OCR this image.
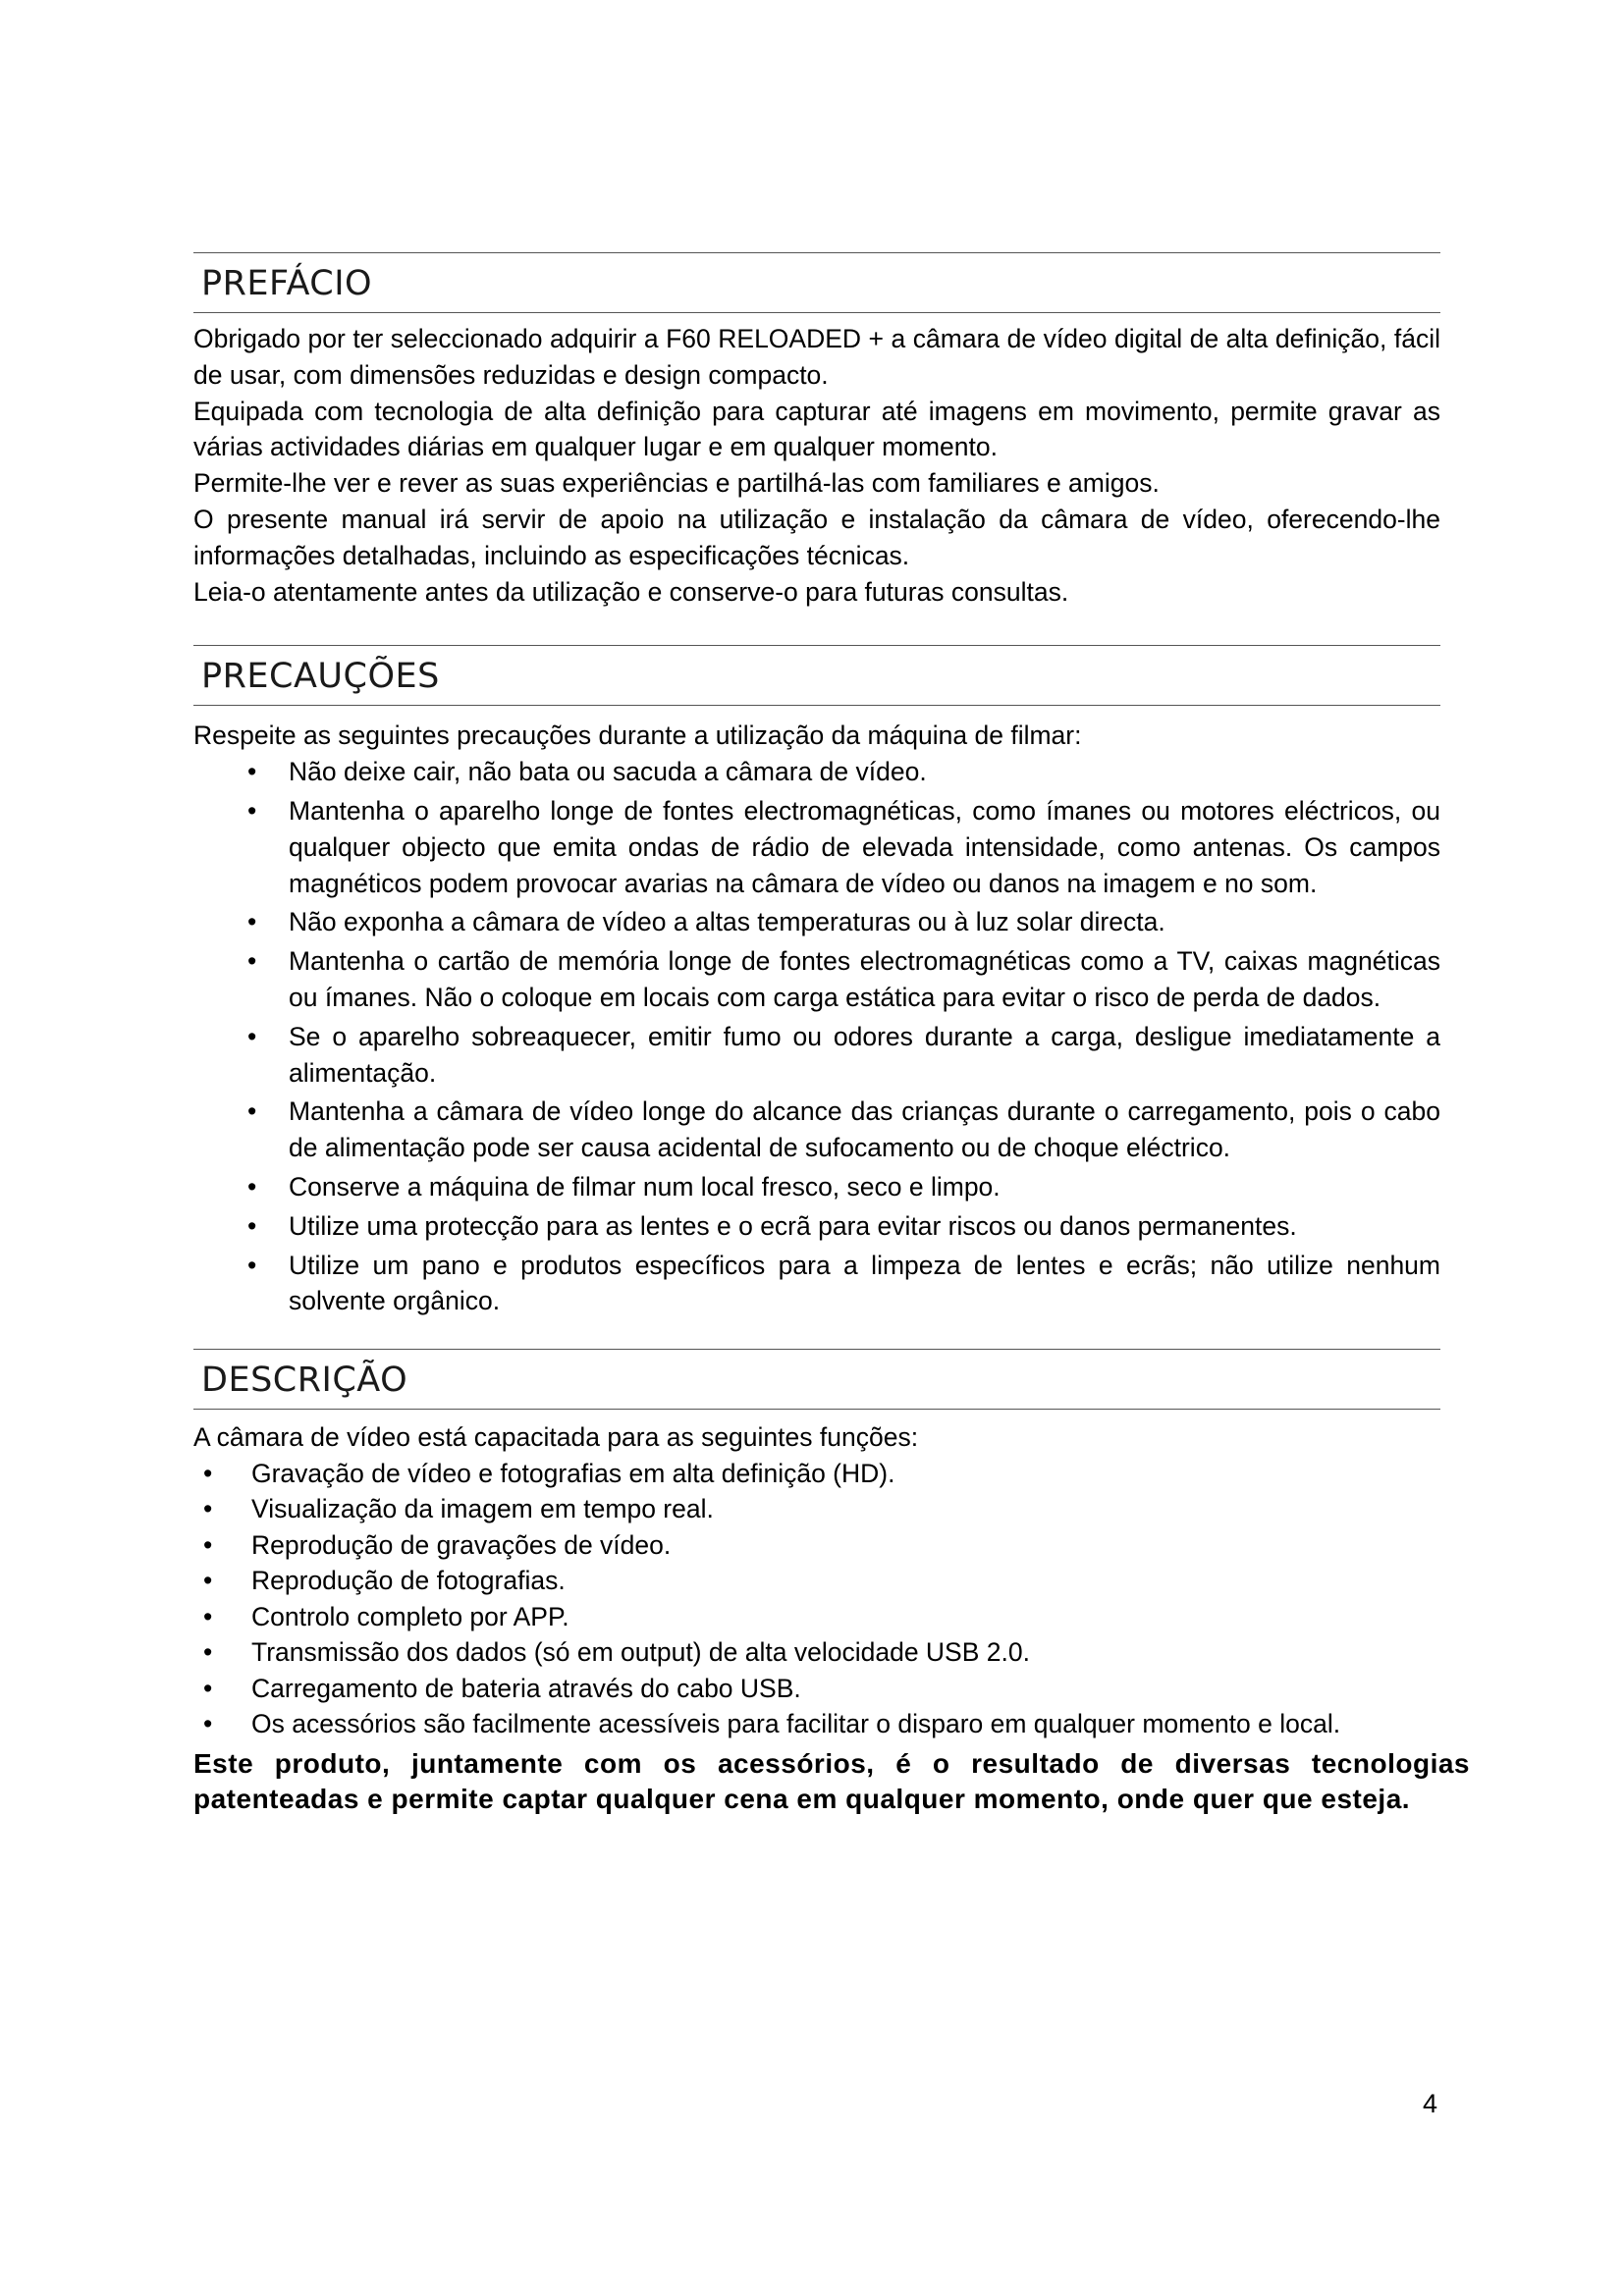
PREFÁCIO

Obrigado por ter seleccionado adquirir a F60 RELOADED + a câmara de vídeo digital de alta definição, fácil de usar, com dimensões reduzidas e design compacto.

Equipada com tecnologia de alta definição para capturar até imagens em movimento, permite gravar as várias actividades diárias em qualquer lugar e em qualquer momento.

Permite-lhe ver e rever as suas experiências e partilhá-las com familiares e amigos.

O presente manual irá servir de apoio na utilização e instalação da câmara de vídeo, oferecendo-lhe informações detalhadas, incluindo as especificações técnicas.

Leia-o atentamente antes da utilização e conserve-o para futuras consultas.

PRECAUÇÕES

Respeite as seguintes precauções durante a utilização da máquina de filmar:

• Não deixe cair, não bata ou sacuda a câmara de vídeo.
• Mantenha o aparelho longe de fontes electromagnéticas, como ímanes ou motores eléctricos, ou qualquer objecto que emita ondas de rádio de elevada intensidade, como antenas. Os campos magnéticos podem provocar avarias na câmara de vídeo ou danos na imagem e no som.
• Não exponha a câmara de vídeo a altas temperaturas ou à luz solar directa.
• Mantenha o cartão de memória longe de fontes electromagnéticas como a TV, caixas magnéticas ou ímanes. Não o coloque em locais com carga estática para evitar o risco de perda de dados.
• Se o aparelho sobreaquecer, emitir fumo ou odores durante a carga, desligue imediatamente a alimentação.
• Mantenha a câmara de vídeo longe do alcance das crianças durante o carregamento, pois o cabo de alimentação pode ser causa acidental de sufocamento ou de choque eléctrico.
• Conserve a máquina de filmar num local fresco, seco e limpo.
• Utilize uma protecção para as lentes e o ecrã para evitar riscos ou danos permanentes.
• Utilize um pano e produtos específicos para a limpeza de lentes e ecrãs; não utilize nenhum solvente orgânico.
DESCRIÇÃO

A câmara de vídeo está capacitada para as seguintes funções:

• Gravação de vídeo e fotografias em alta definição (HD).
• Visualização da imagem em tempo real.
• Reprodução de gravações de vídeo.
• Reprodução de fotografias.
• Controlo completo por APP.
• Transmissão dos dados (só em output) de alta velocidade USB 2.0.
• Carregamento de bateria através do cabo USB.
• Os acessórios são facilmente acessíveis para facilitar o disparo em qualquer momento e local.
Este produto, juntamente com os acessórios, é o resultado de diversas tecnologias patenteadas e permite captar qualquer cena em qualquer momento, onde quer que esteja.
4
